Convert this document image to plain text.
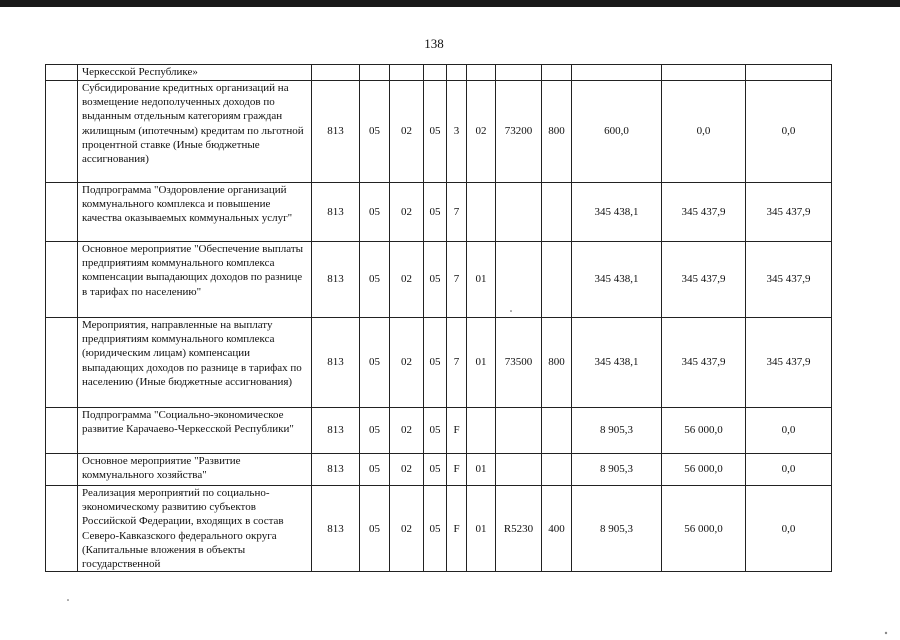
138
	Черкесской Республике»											
	Субсидирование кредитных организаций на возмещение недополученных доходов по выданным отдельным категориям граждан жилищным (ипотечным) кредитам по льготной процентной ставке (Иные бюджетные ассигнования)	813	05	02	05	3	02	73200	800	600,0	0,0	0,0
	Подпрограмма "Оздоровление организаций коммунального комплекса и повышение качества оказываемых коммунальных услуг"	813	05	02	05	7				345 438,1	345 437,9	345 437,9
	Основное мероприятие "Обеспечение выплаты предприятиям коммунального комплекса компенсации выпадающих доходов по разнице в тарифах по населению"	813	05	02	05	7	01			345 438,1	345 437,9	345 437,9
	Мероприятия, направленные на выплату предприятиям коммунального комплекса (юридическим лицам) компенсации выпадающих доходов по разнице в тарифах по населению (Иные бюджетные ассигнования)	813	05	02	05	7	01	73500	800	345 438,1	345 437,9	345 437,9
	Подпрограмма "Социально-экономическое развитие Карачаево-Черкесской Республики"	813	05	02	05	F				8 905,3	56 000,0	0,0
	Основное мероприятие "Развитие коммунального хозяйства"	813	05	02	05	F	01			8 905,3	56 000,0	0,0
	Реализация мероприятий по социально-экономическому развитию субъектов Российской Федерации, входящих в состав Северо-Кавказского федерального округа (Капитальные вложения в объекты государственной	813	05	02	05	F	01	R5230	400	8 905,3	56 000,0	0,0
